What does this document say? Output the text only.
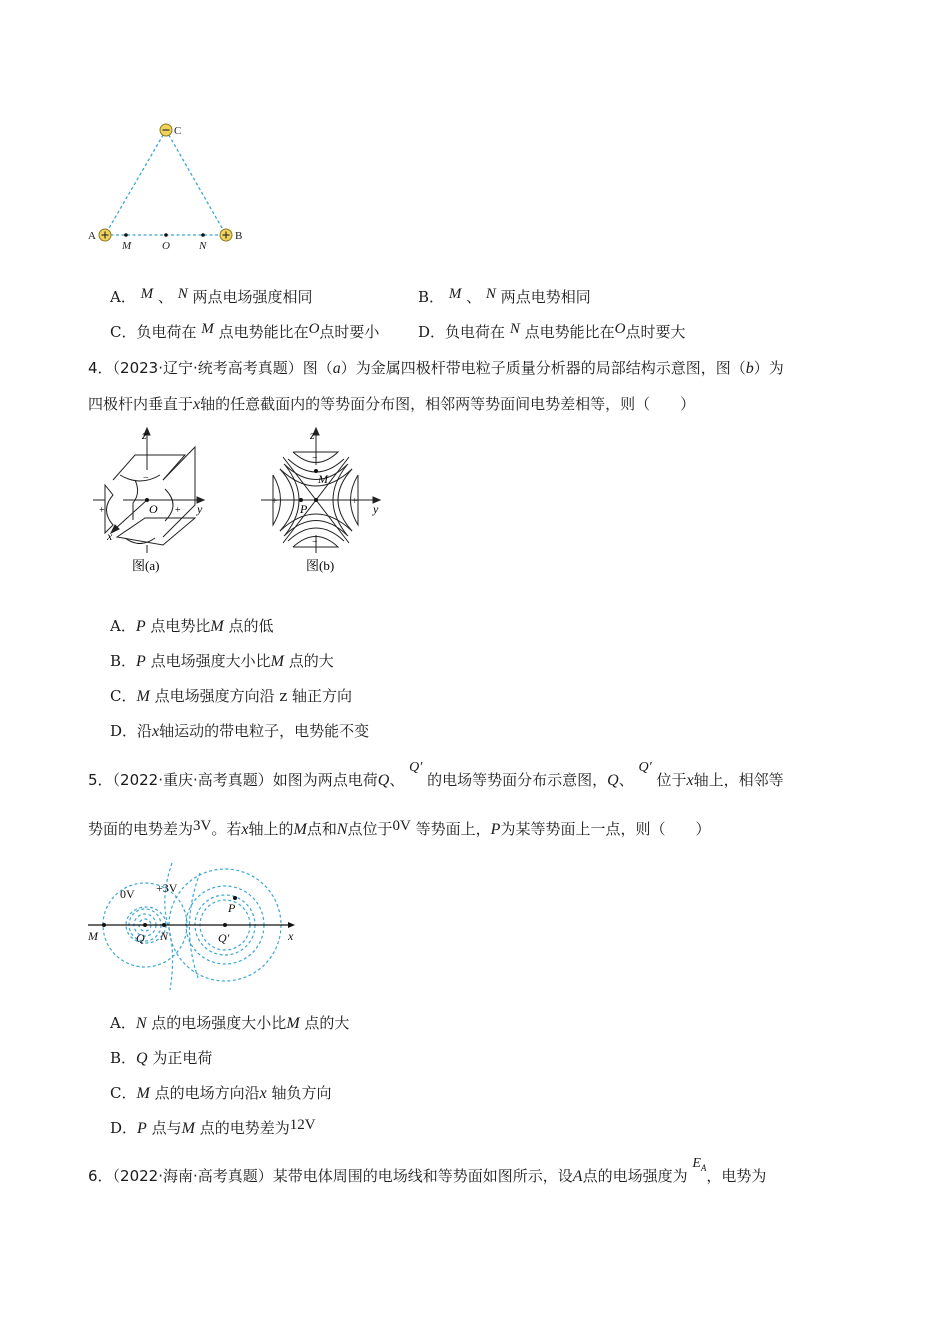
C
A	B
M	O	N
A． M 、 N 两点电场强度相同	B． M 、 N 两点电势相同
C．负电荷在 M 点电势能比在O点时要小	D．负电荷在 N 点电势能比在O点时要大
4．（2023·辽宁·统考高考真题）图（a）为金属四极杆带电粒子质量分析器的局部结构示意图，图（b）为
四极杆内垂直于x轴的任意截面内的等势面分布图，相邻两等势面间电势差相等，则（　　）
z
y
x
O
+	+
−
−
图(a)
z
y
M
P
+	+
−
−
图(b)
A．P 点电势比M 点的低
B．P 点电场强度大小比M 点的大
C．M 点电场强度方向沿 z 轴正方向
D．沿x轴运动的带电粒子，电势能不变
5．（2022·重庆·高考真题）如图为两点电荷Q、 Q′ 的电场等势面分布示意图，Q、 Q′ 位于x轴上，相邻等
势面的电势差为3V。若x轴上的M点和N点位于0V 等势面上，P为某等势面上一点，则（　　）
0V +3V
M	Q N	Q′
P
x
A．N 点的电场强度大小比M 点的大
B．Q 为正电荷
C．M 点的电场方向沿x 轴负方向
D．P 点与M 点的电势差为12V
6．（2022·海南·高考真题）某带电体周围的电场线和等势面如图所示，设A点的电场强度为 $E_A$，电势为
